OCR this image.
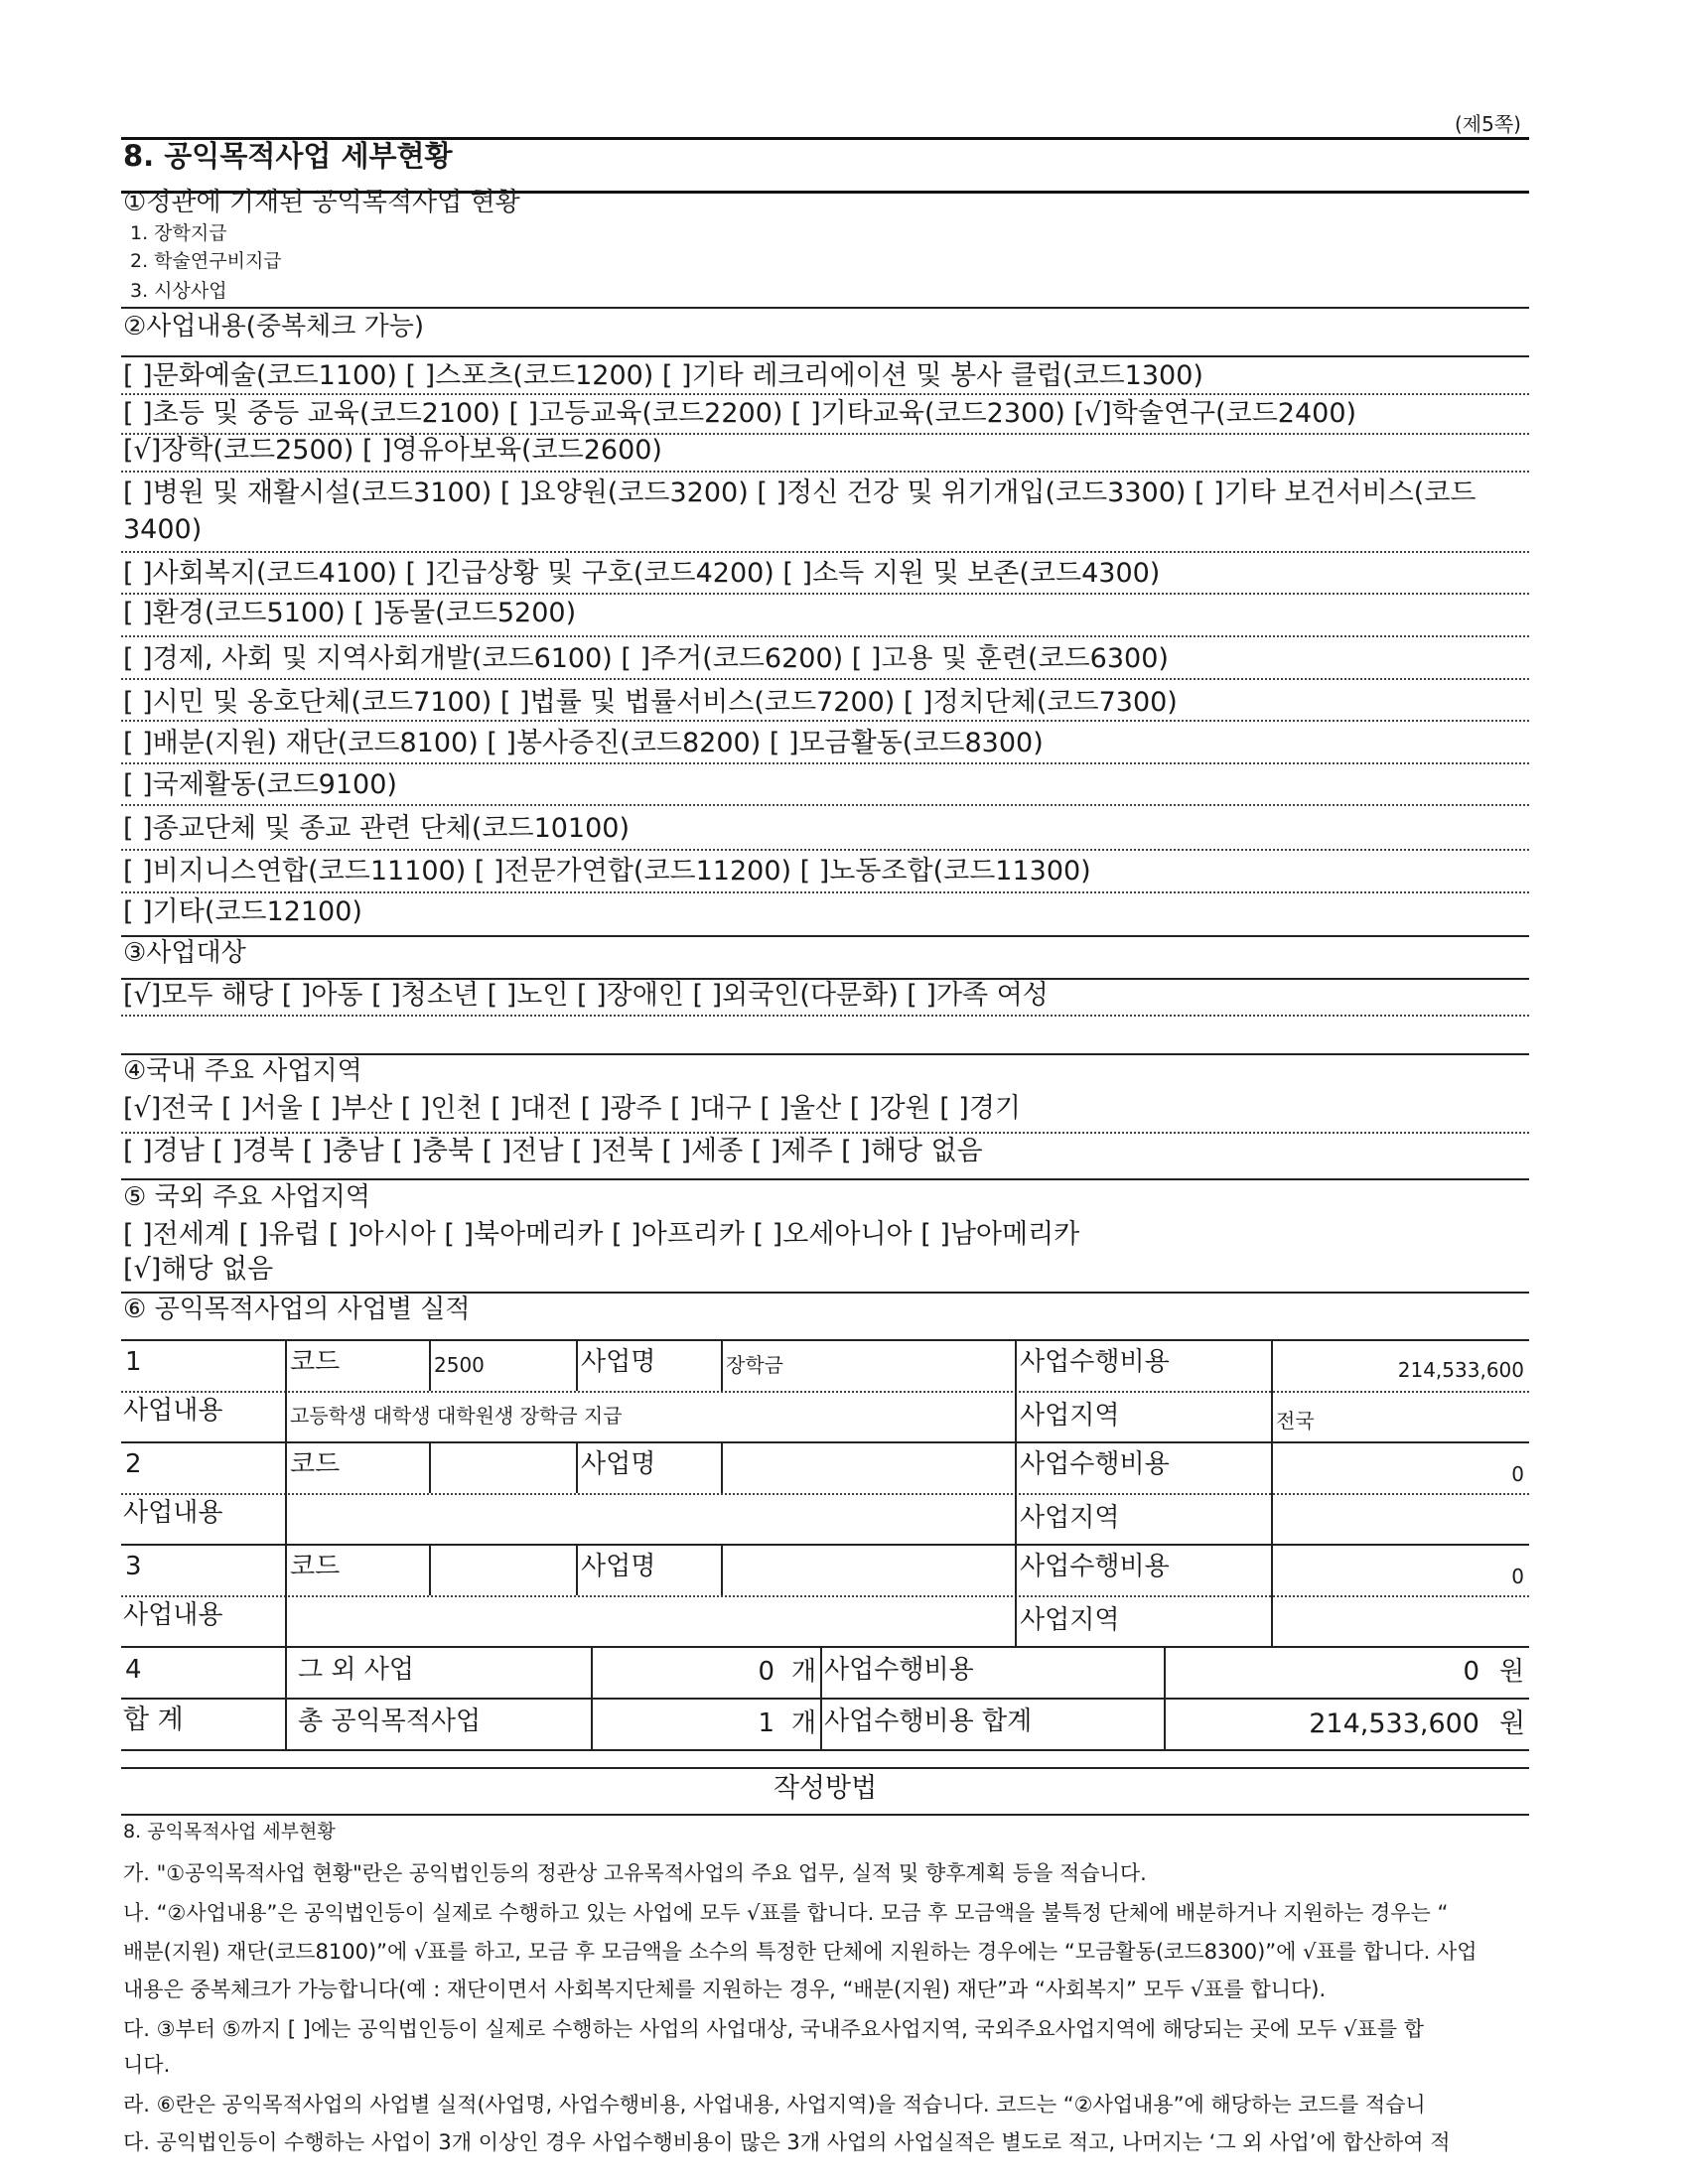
(제5쪽)
8. 공익목적사업 세부현황
①정관에 기재된 공익목적사업 현황
1. 장학지급
2. 학술연구비지급
3. 시상사업
②사업내용(중복체크 가능)
[ ]문화예술(코드1100) [ ]스포츠(코드1200) [ ]기타 레크리에이션 및 봉사 클럽(코드1300)
[ ]초등 및 중등 교육(코드2100) [ ]고등교육(코드2200) [ ]기타교육(코드2300) [√]학술연구(코드2400)
[√]장학(코드2500) [ ]영유아보육(코드2600)
[ ]병원 및 재활시설(코드3100) [ ]요양원(코드3200) [ ]정신 건강 및 위기개입(코드3300) [ ]기타 보건서비스(코드
3400)
[ ]사회복지(코드4100) [ ]긴급상황 및 구호(코드4200) [ ]소득 지원 및 보존(코드4300)
[ ]환경(코드5100) [ ]동물(코드5200)
[ ]경제, 사회 및 지역사회개발(코드6100) [ ]주거(코드6200) [ ]고용 및 훈련(코드6300)
[ ]시민 및 옹호단체(코드7100) [ ]법률 및 법률서비스(코드7200) [ ]정치단체(코드7300)
[ ]배분(지원) 재단(코드8100) [ ]봉사증진(코드8200) [ ]모금활동(코드8300)
[ ]국제활동(코드9100)
[ ]종교단체 및 종교 관련 단체(코드10100)
[ ]비지니스연합(코드11100) [ ]전문가연합(코드11200) [ ]노동조합(코드11300)
[ ]기타(코드12100)
③사업대상
[√]모두 해당 [ ]아동 [ ]청소년 [ ]노인 [ ]장애인 [ ]외국인(다문화) [ ]가족 여성
④국내 주요 사업지역
[√]전국 [ ]서울 [ ]부산 [ ]인천 [ ]대전 [ ]광주 [ ]대구 [ ]울산 [ ]강원 [ ]경기
[ ]경남 [ ]경북 [ ]충남 [ ]충북 [ ]전남 [ ]전북 [ ]세종 [ ]제주 [ ]해당 없음
⑤ 국외 주요 사업지역
[ ]전세계 [ ]유럽 [ ]아시아 [ ]북아메리카 [ ]아프리카 [ ]오세아니아 [ ]남아메리카
[√]해당 없음
⑥ 공익목적사업의 사업별 실적
1	코드	2500	사업명	장학금	사업수행비용	214,533,600
사업내용	고등학생 대학생 대학원생 장학금 지급	사업지역	전국
2	코드	사업명	사업수행비용	0
사업내용	사업지역
3	코드	사업명	사업수행비용	0
사업내용	사업지역
4	그 외 사업	0 개 사업수행비용	0 원
합 계	총 공익목적사업	1 개 사업수행비용 합계	214,533,600 원
작성방법
8. 공익목적사업 세부현황
가. "①공익목적사업 현황"란은 공익법인등의 정관상 고유목적사업의 주요 업무, 실적 및 향후계획 등을 적습니다.
나. “②사업내용”은 공익법인등이 실제로 수행하고 있는 사업에 모두 √표를 합니다. 모금 후 모금액을 불특정 단체에 배분하거나 지원하는 경우는 “
배분(지원) 재단(코드8100)”에 √표를 하고, 모금 후 모금액을 소수의 특정한 단체에 지원하는 경우에는 “모금활동(코드8300)”에 √표를 합니다. 사업
내용은 중복체크가 가능합니다(예 : 재단이면서 사회복지단체를 지원하는 경우, “배분(지원) 재단”과 “사회복지” 모두 √표를 합니다).
다. ③부터 ⑤까지 [ ]에는 공익법인등이 실제로 수행하는 사업의 사업대상, 국내주요사업지역, 국외주요사업지역에 해당되는 곳에 모두 √표를 합
니다.
라. ⑥란은 공익목적사업의 사업별 실적(사업명, 사업수행비용, 사업내용, 사업지역)을 적습니다. 코드는 “②사업내용”에 해당하는 코드를 적습니
다. 공익법인등이 수행하는 사업이 3개 이상인 경우 사업수행비용이 많은 3개 사업의 사업실적은 별도로 적고, 나머지는 ‘그 외 사업’에 합산하여 적
